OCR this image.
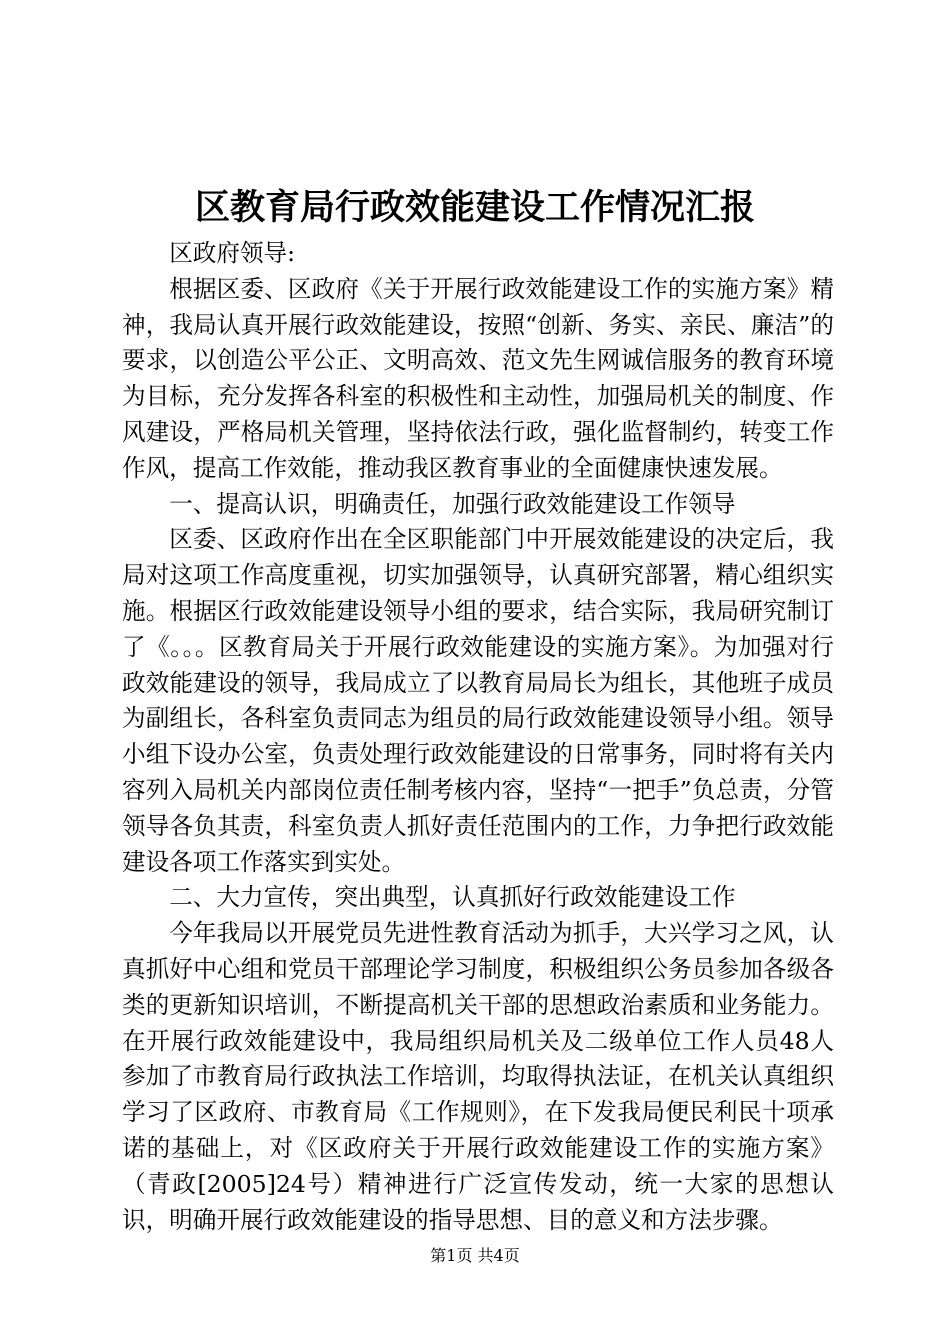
区教育局行政效能建设工作情况汇报

区政府领导:

根据区委、区政府《关于开展行政效能建设工作的实施方案》精神，我局认真开展行政效能建设，按照“创新、务实、亲民、廉洁”的要求，以创造公平公正、文明高效、范文先生网诚信服务的教育环境为目标，充分发挥各科室的积极性和主动性，加强局机关的制度、作风建设，严格局机关管理，坚持依法行政，强化监督制约，转变工作作风，提高工作效能，推动我区教育事业的全面健康快速发展。

一、提高认识，明确责任，加强行政效能建设工作领导

区委、区政府作出在全区职能部门中开展效能建设的决定后，我局对这项工作高度重视，切实加强领导，认真研究部署，精心组织实施。根据区行政效能建设领导小组的要求，结合实际，我局研究制订了《。。。区教育局关于开展行政效能建设的实施方案》。为加强对行政效能建设的领导，我局成立了以教育局局长为组长，其他班子成员为副组长，各科室负责同志为组员的局行政效能建设领导小组。领导小组下设办公室，负责处理行政效能建设的日常事务，同时将有关内容列入局机关内部岗位责任制考核内容，坚持“一把手”负总责，分管领导各负其责，科室负责人抓好责任范围内的工作，力争把行政效能建设各项工作落实到实处。

二、大力宣传，突出典型，认真抓好行政效能建设工作

今年我局以开展党员先进性教育活动为抓手，大兴学习之风，认真抓好中心组和党员干部理论学习制度，积极组织公务员参加各级各类的更新知识培训，不断提高机关干部的思想政治素质和业务能力。在开展行政效能建设中，我局组织局机关及二级单位工作人员48人参加了市教育局行政执法工作培训，均取得执法证，在机关认真组织学习了区政府、市教育局《工作规则》，在下发我局便民利民十项承诺的基础上，对《区政府关于开展行政效能建设工作的实施方案》（青政[2005]24号）精神进行广泛宣传发动，统一大家的思想认识，明确开展行政效能建设的指导思想、目的意义和方法步骤。

第1页 共4页
